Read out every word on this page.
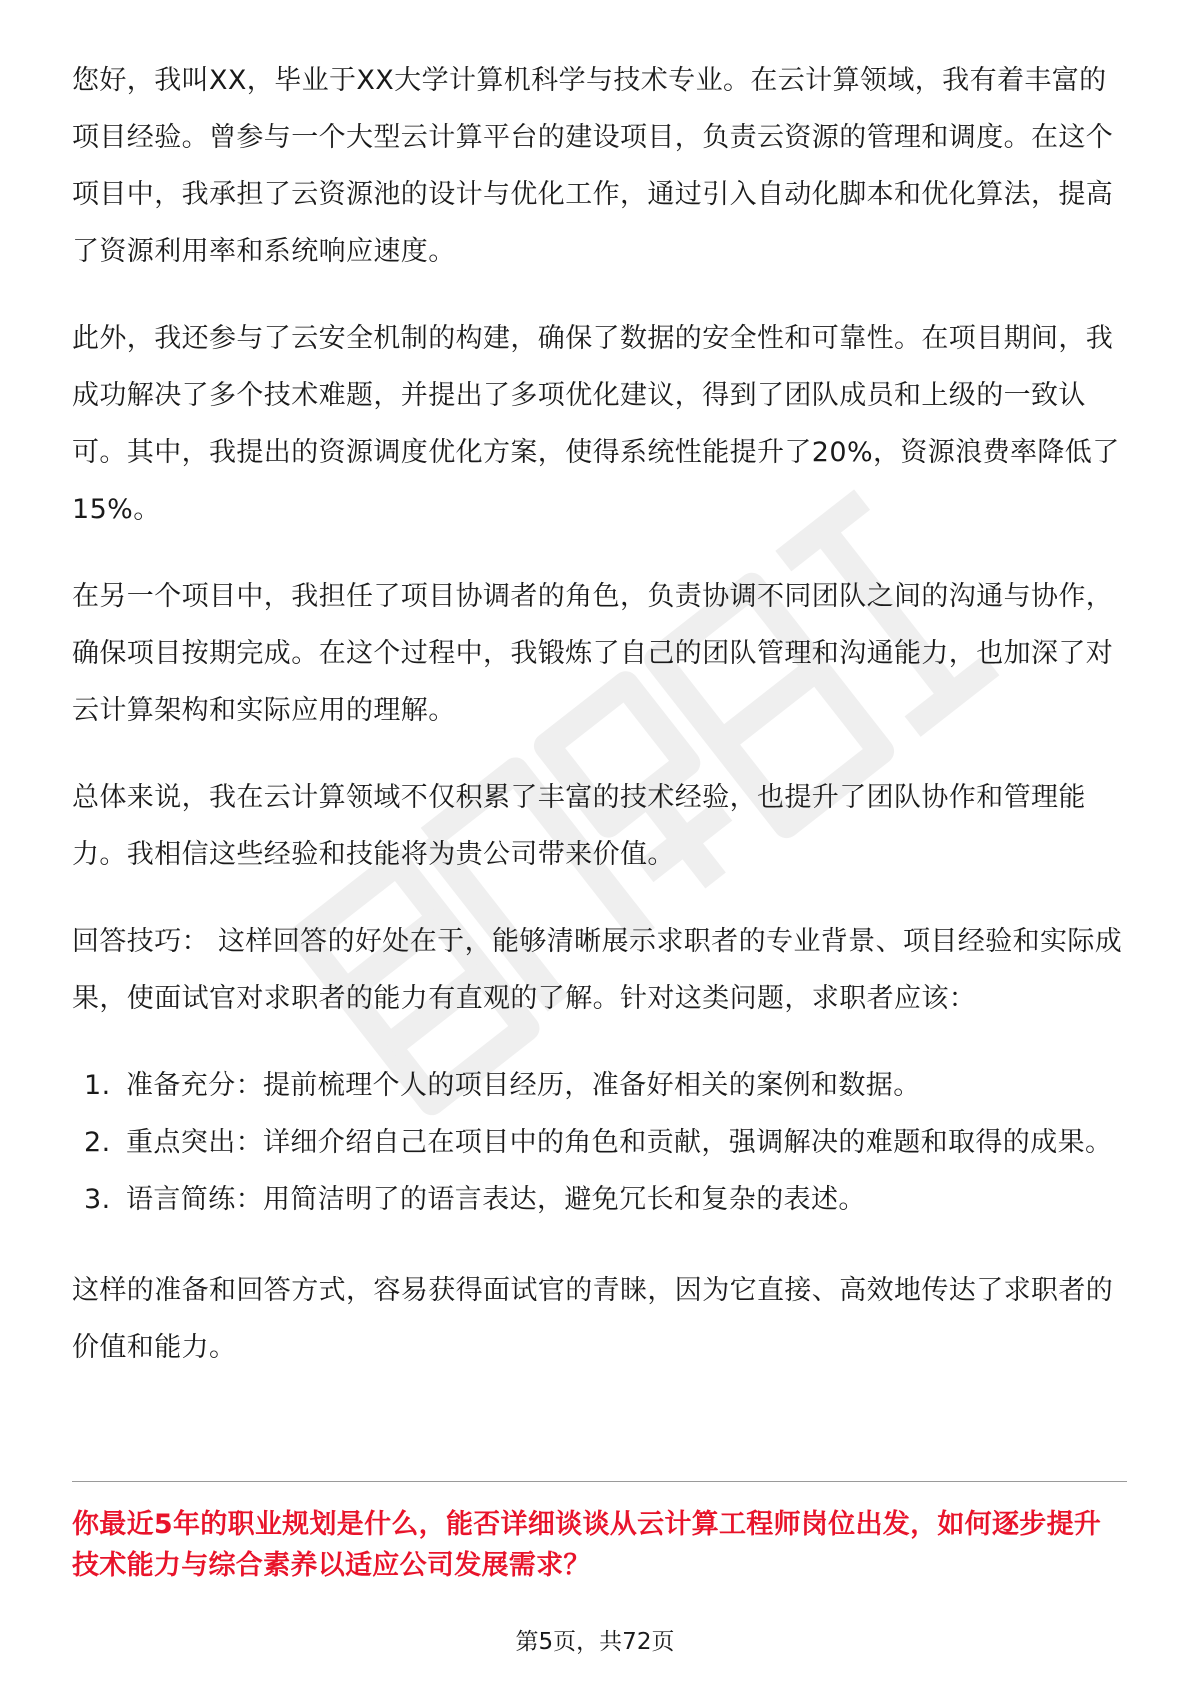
您好，我叫XX，毕业于XX大学计算机科学与技术专业。在云计算领域，我有着丰富的项目经验。曾参与一个大型云计算平台的建设项目，负责云资源的管理和调度。在这个项目中，我承担了云资源池的设计与优化工作，通过引入自动化脚本和优化算法，提高了资源利用率和系统响应速度。

此外，我还参与了云安全机制的构建，确保了数据的安全性和可靠性。在项目期间，我成功解决了多个技术难题，并提出了多项优化建议，得到了团队成员和上级的一致认可。其中，我提出的资源调度优化方案，使得系统性能提升了20%，资源浪费率降低了15%。

在另一个项目中，我担任了项目协调者的角色，负责协调不同团队之间的沟通与协作，确保项目按期完成。在这个过程中，我锻炼了自己的团队管理和沟通能力，也加深了对云计算架构和实际应用的理解。

总体来说，我在云计算领域不仅积累了丰富的技术经验，也提升了团队协作和管理能力。我相信这些经验和技能将为贵公司带来价值。

回答技巧： 这样回答的好处在于，能够清晰展示求职者的专业背景、项目经验和实际成果，使面试官对求职者的能力有直观的了解。针对这类问题，求职者应该：

1. 准备充分：提前梳理个人的项目经历，准备好相关的案例和数据。
2. 重点突出：详细介绍自己在项目中的角色和贡献，强调解决的难题和取得的成果。
3. 语言简练：用简洁明了的语言表达，避免冗长和复杂的表述。

这样的准备和回答方式，容易获得面试官的青睐，因为它直接、高效地传达了求职者的价值和能力。

你最近5年的职业规划是什么，能否详细谈谈从云计算工程师岗位出发，如何逐步提升技术能力与综合素养以适应公司发展需求？

第5页，共72页
